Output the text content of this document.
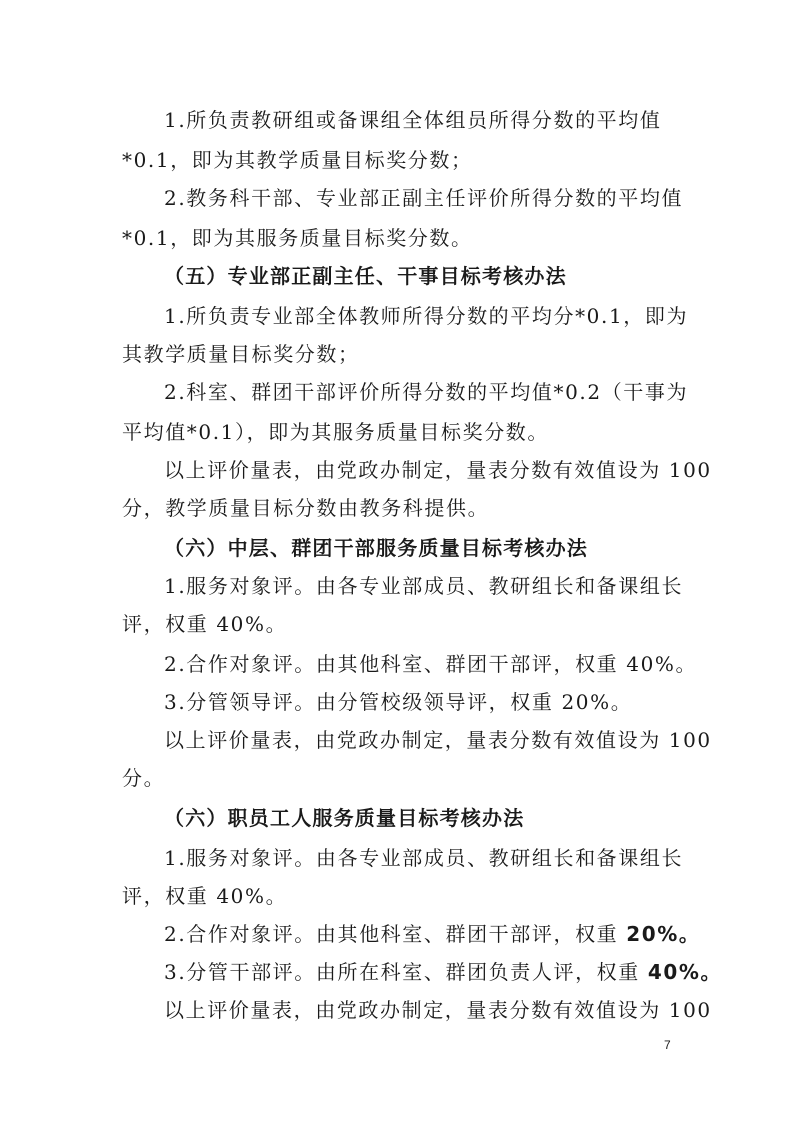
1.所负责教研组或备课组全体组员所得分数的平均值
*0.1，即为其教学质量目标奖分数；
2.教务科干部、专业部正副主任评价所得分数的平均值
*0.1，即为其服务质量目标奖分数。
（五）专业部正副主任、干事目标考核办法
1.所负责专业部全体教师所得分数的平均分*0.1，即为
其教学质量目标奖分数；
2.科室、群团干部评价所得分数的平均值*0.2（干事为
平均值*0.1），即为其服务质量目标奖分数。
以上评价量表，由党政办制定，量表分数有效值设为 100
分，教学质量目标分数由教务科提供。
（六）中层、群团干部服务质量目标考核办法
1.服务对象评。由各专业部成员、教研组长和备课组长
评，权重 40%。
2.合作对象评。由其他科室、群团干部评，权重 40%。
3.分管领导评。由分管校级领导评，权重 20%。
以上评价量表，由党政办制定，量表分数有效值设为 100
分。
（六）职员工人服务质量目标考核办法
1.服务对象评。由各专业部成员、教研组长和备课组长
评，权重 40%。
2.合作对象评。由其他科室、群团干部评，权重 20%。
3.分管干部评。由所在科室、群团负责人评，权重 40%。
以上评价量表，由党政办制定，量表分数有效值设为 100
7
